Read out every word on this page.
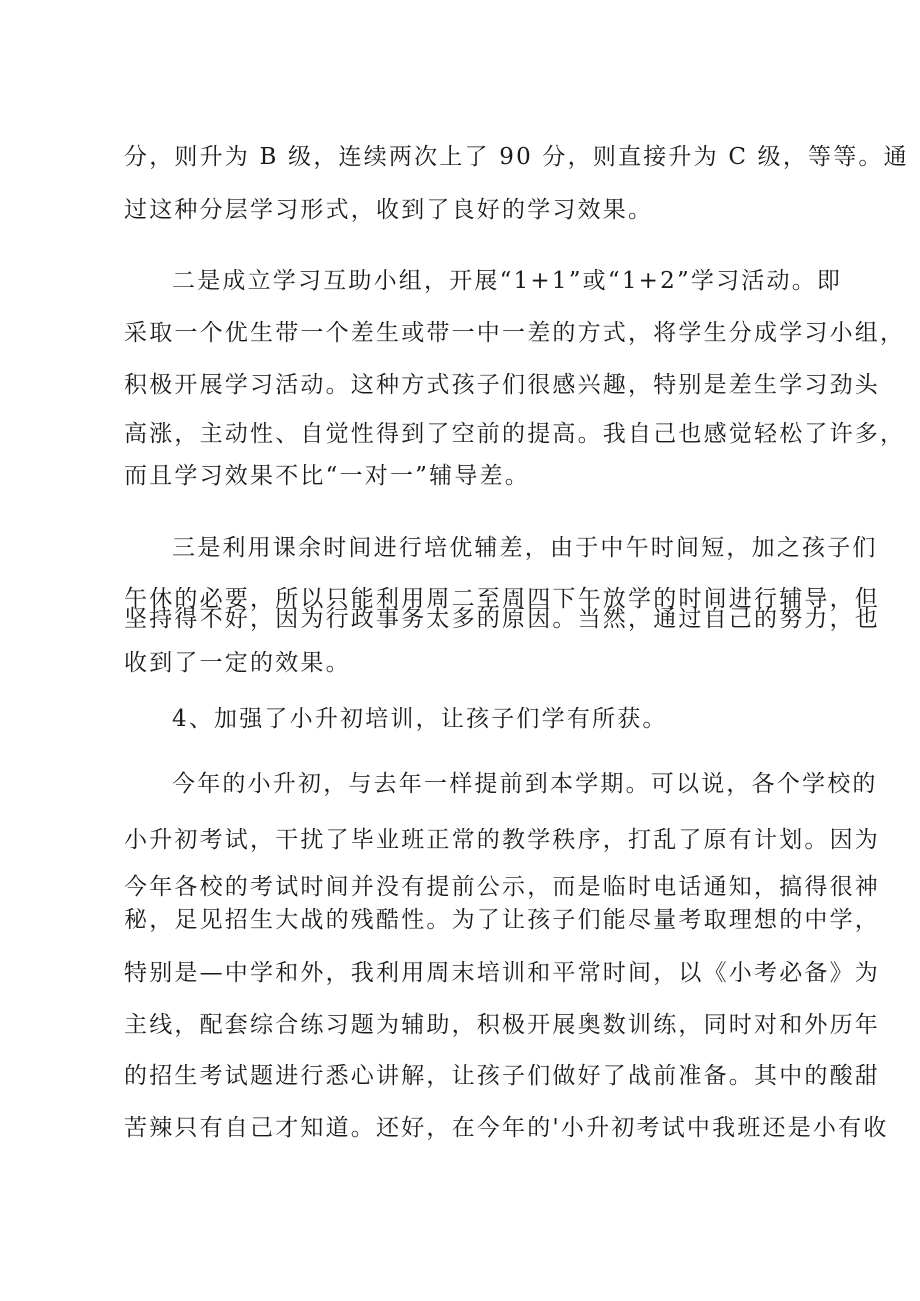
分，则升为 B 级，连续两次上了 90 分，则直接升为 C 级，等等。通

过这种分层学习形式，收到了良好的学习效果。

二是成立学习互助小组，开展“1+1”或“1+2”学习活动。即

采取一个优生带一个差生或带一中一差的方式，将学生分成学习小组，

积极开展学习活动。这种方式孩子们很感兴趣，特别是差生学习劲头

高涨，主动性、自觉性得到了空前的提高。我自己也感觉轻松了许多，

而且学习效果不比“一对一”辅导差。

三是利用课余时间进行培优辅差，由于中午时间短，加之孩子们

午休的必要，所以只能利用周二至周四下午放学的时间进行辅导，但

坚持得不好，因为行政事务太多的原因。当然，通过自己的努力，也

收到了一定的效果。

4、加强了小升初培训，让孩子们学有所获。

今年的小升初，与去年一样提前到本学期。可以说，各个学校的

小升初考试，干扰了毕业班正常的教学秩序，打乱了原有计划。因为

今年各校的考试时间并没有提前公示，而是临时电话通知，搞得很神

秘，足见招生大战的残酷性。为了让孩子们能尽量考取理想的中学，

特别是—中学和外，我利用周末培训和平常时间，以《小考必备》为

主线，配套综合练习题为辅助，积极开展奥数训练，同时对和外历年

的招生考试题进行悉心讲解，让孩子们做好了战前准备。其中的酸甜

苦辣只有自己才知道。还好，在今年的'小升初考试中我班还是小有收
